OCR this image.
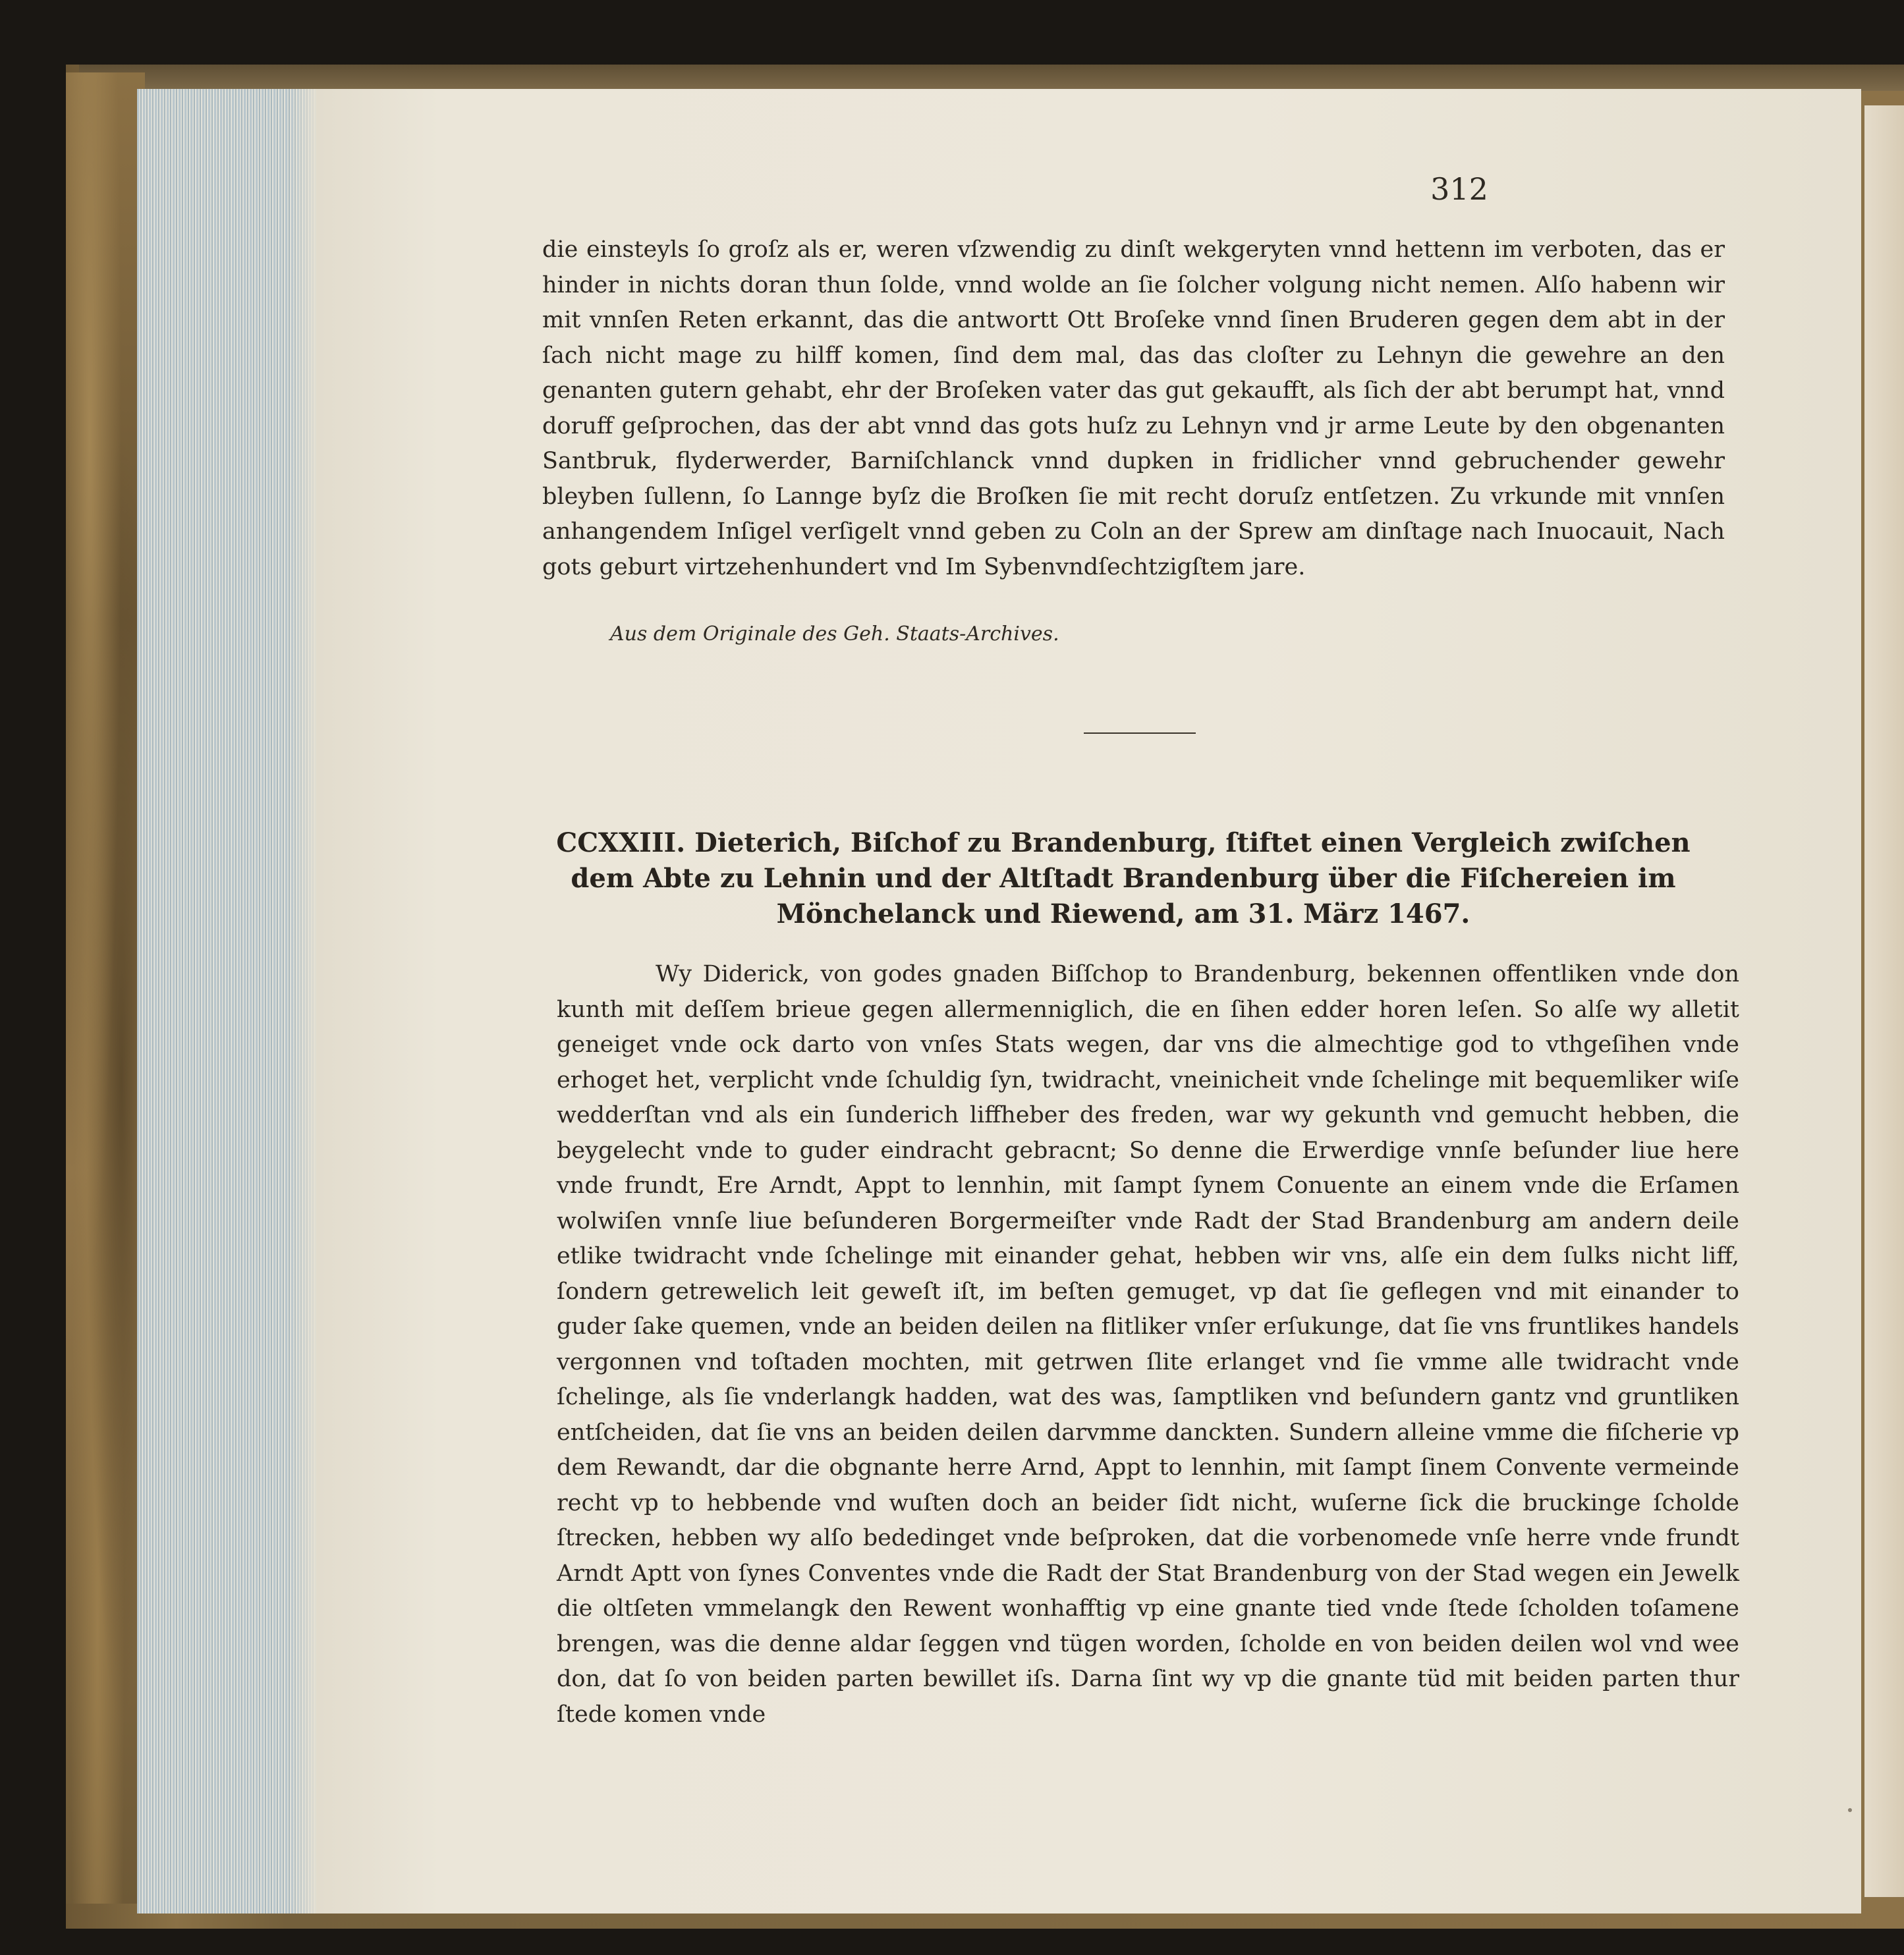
312

die einsteyls ſo groſz als er, weren vſzwendig zu dinſt wekgeryten vnnd hettenn im verboten, das er hinder in nichts doran thun ſolde, vnnd wolde an ſie ſolcher volgung nicht nemen. Alſo habenn wir mit vnnſen Reten erkannt, das die antwortt Ott Broſeke vnnd ſinen Bruderen gegen dem abt in der ſach nicht mage zu hilff komen, ſind dem mal, das das cloſter zu Lehnyn die gewehre an den genanten gutern gehabt, ehr der Broſeken vater das gut gekaufft, als ſich der abt berumpt hat, vnnd doruff geſprochen, das der abt vnnd das gots huſz zu Lehnyn vnd jr arme Leute by den obgenanten Santbruk, flyderwerder, Barniſchlanck vnnd dupken in fridlicher vnnd gebruchender gewehr bleyben ſullenn, ſo Lannge byſz die Broſken ſie mit recht doruſz entſetzen. Zu vrkunde mit vnnſen anhangendem Inſigel verſigelt vnnd geben zu Coln an der Sprew am dinſtage nach Inuocauit, Nach gots geburt virtzehenhundert vnd Im Sybenvndſechtzigſtem jare.

Aus dem Originale des Geh. Staats-Archives.
CCXXIII. Dieterich, Biſchof zu Brandenburg, ſtiftet einen Vergleich zwiſchen dem Abte zu Lehnin und der Altſtadt Brandenburg über die Fiſchereien im Mönchelanck und Riewend, am 31. März 1467.

Wy Diderick, von godes gnaden Biſſchop to Brandenburg, bekennen offentliken vnde don kunth mit deſſem brieue gegen allermenniglich, die en ſihen edder horen leſen. So alſe wy alletit geneiget vnde ock darto von vnſes Stats wegen, dar vns die almechtige god to vthgeſihen vnde erhoget het, verplicht vnde ſchuldig ſyn, twidracht, vneinicheit vnde ſchelinge mit bequemliker wiſe wedderſtan vnd als ein ſunderich liffheber des freden, war wy gekunth vnd gemucht hebben, die beygelecht vnde to guder eindracht gebracnt; So denne die Erwerdige vnnſe beſunder liue here vnde frundt, Ere Arndt, Appt to lennhin, mit ſampt ſynem Conuente an einem vnde die Erſamen wolwiſen vnnſe liue beſunderen Borgermeiſter vnde Radt der Stad Brandenburg am andern deile etlike twidracht vnde ſchelinge mit einander gehat, hebben wir vns, alſe ein dem ſulks nicht liff, ſondern getrewelich leit geweſt iſt, im beſten gemuget, vp dat ſie geflegen vnd mit einander to guder ſake quemen, vnde an beiden deilen na flitliker vnſer erſukunge, dat ſie vns fruntlikes handels vergonnen vnd toſtaden mochten, mit getrwen ſlite erlanget vnd ſie vmme alle twidracht vnde ſchelinge, als ſie vnderlangk hadden, wat des was, ſamptliken vnd beſundern gantz vnd gruntliken entſcheiden, dat ſie vns an beiden deilen darvmme danckten. Sundern alleine vmme die fiſcherie vp dem Rewandt, dar die obgnante herre Arnd, Appt to lennhin, mit ſampt ſinem Convente vermeinde recht vp to hebbende vnd wuſten doch an beider ſidt nicht, wuſerne ſick die bruckinge ſcholde ſtrecken, hebben wy alſo bededinget vnde beſproken, dat die vorbenomede vnſe herre vnde frundt Arndt Aptt von ſynes Conventes vnde die Radt der Stat Brandenburg von der Stad wegen ein Jewelk die oltſeten vmmelangk den Rewent wonhafftig vp eine gnante tied vnde ſtede ſcholden toſamene brengen, was die denne aldar ſeggen vnd tügen worden, ſcholde en von beiden deilen wol vnd wee don, dat ſo von beiden parten bewillet iſs. Darna ſint wy vp die gnante tüd mit beiden parten thur ſtede komen vnde
